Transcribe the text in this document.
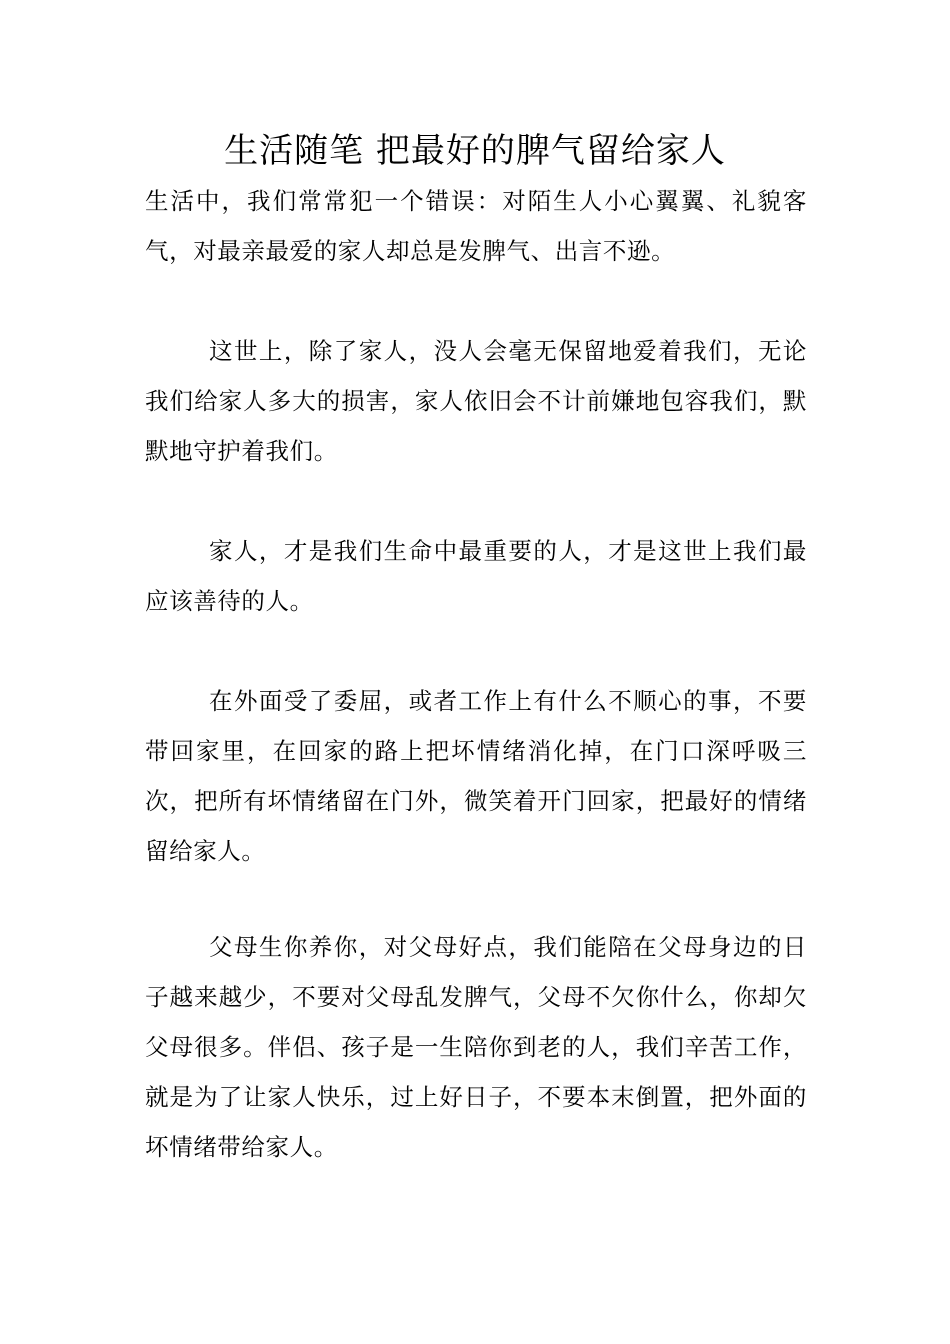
生活随笔 把最好的脾气留给家人

生活中，我们常常犯一个错误：对陌生人小心翼翼、礼貌客气，对最亲最爱的家人却总是发脾气、出言不逊。

这世上，除了家人，没人会毫无保留地爱着我们，无论我们给家人多大的损害，家人依旧会不计前嫌地包容我们，默默地守护着我们。

家人，才是我们生命中最重要的人，才是这世上我们最应该善待的人。

在外面受了委屈，或者工作上有什么不顺心的事，不要带回家里，在回家的路上把坏情绪消化掉，在门口深呼吸三次，把所有坏情绪留在门外，微笑着开门回家，把最好的情绪留给家人。

父母生你养你，对父母好点，我们能陪在父母身边的日子越来越少，不要对父母乱发脾气，父母不欠你什么，你却欠父母很多。伴侣、孩子是一生陪你到老的人，我们辛苦工作，就是为了让家人快乐，过上好日子，不要本末倒置，把外面的坏情绪带给家人。
